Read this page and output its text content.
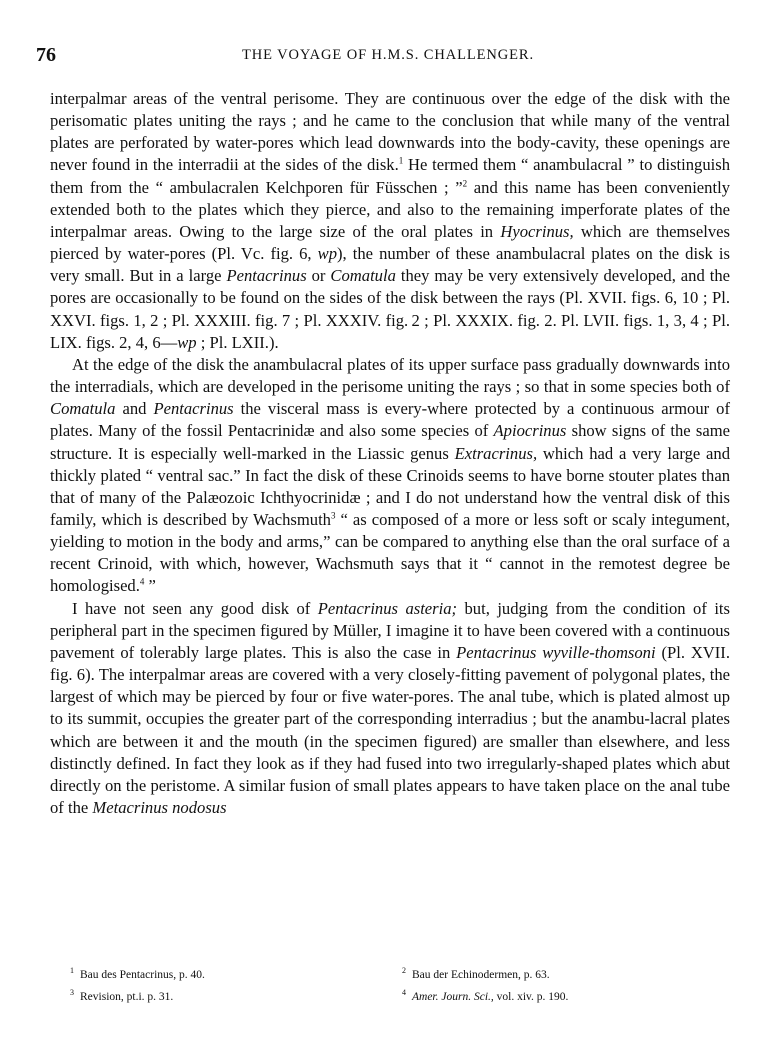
76	THE VOYAGE OF H.M.S. CHALLENGER.

interpalmar areas of the ventral perisome. They are continuous over the edge of the disk with the perisomatic plates uniting the rays ; and he came to the conclusion that while many of the ventral plates are perforated by water-pores which lead downwards into the body-cavity, these openings are never found in the interradii at the sides of the disk.$^1$ He termed them “ anambulacral ” to distinguish them from the “ ambulacralen Kelchporen für Füsschen ; ”$^2$ and this name has been conveniently extended both to the plates which they pierce, and also to the remaining imperforate plates of the interpalmar areas. Owing to the large size of the oral plates in Hyocrinus, which are themselves pierced by water-pores (Pl. Vc. fig. 6, wp), the number of these anambulacral plates on the disk is very small. But in a large Pentacrinus or Comatula they may be very extensively developed, and the pores are occasionally to be found on the sides of the disk between the rays (Pl. XVII. figs. 6, 10 ; Pl. XXVI. figs. 1, 2 ; Pl. XXXIII. fig. 7 ; Pl. XXXIV. fig. 2 ; Pl. XXXIX. fig. 2. Pl. LVII. figs. 1, 3, 4 ; Pl. LIX. figs. 2, 4, 6—wp ; Pl. LXII.).

At the edge of the disk the anambulacral plates of its upper surface pass gradually downwards into the interradials, which are developed in the perisome uniting the rays ; so that in some species both of Comatula and Pentacrinus the visceral mass is every-where protected by a continuous armour of plates. Many of the fossil Pentacrinidæ and also some species of Apiocrinus show signs of the same structure. It is especially well-marked in the Liassic genus Extracrinus, which had a very large and thickly plated “ ventral sac.” In fact the disk of these Crinoids seems to have borne stouter plates than that of many of the Palæozoic Ichthyocrinidæ ; and I do not understand how the ventral disk of this family, which is described by Wachsmuth$^3$ “ as composed of a more or less soft or scaly integument, yielding to motion in the body and arms,” can be compared to anything else than the oral surface of a recent Crinoid, with which, however, Wachsmuth says that it “ cannot in the remotest degree be homologised.$^4$ ”

I have not seen any good disk of Pentacrinus asteria; but, judging from the condition of its peripheral part in the specimen figured by Müller, I imagine it to have been covered with a continuous pavement of tolerably large plates. This is also the case in Pentacrinus wyville-thomsoni (Pl. XVII. fig. 6). The interpalmar areas are covered with a very closely-fitting pavement of polygonal plates, the largest of which may be pierced by four or five water-pores. The anal tube, which is plated almost up to its summit, occupies the greater part of the corresponding interradius ; but the anambu-lacral plates which are between it and the mouth (in the specimen figured) are smaller than elsewhere, and less distinctly defined. In fact they look as if they had fused into two irregularly-shaped plates which abut directly on the peristome. A similar fusion of small plates appears to have taken place on the anal tube of the Metacrinus nodosus

$^1$ Bau des Pentacrinus, p. 40.	$^2$ Bau der Echinodermen, p. 63.
$^3$ Revision, pt.i. p. 31.	$^4$ Amer. Journ. Sci., vol. xiv. p. 190.
